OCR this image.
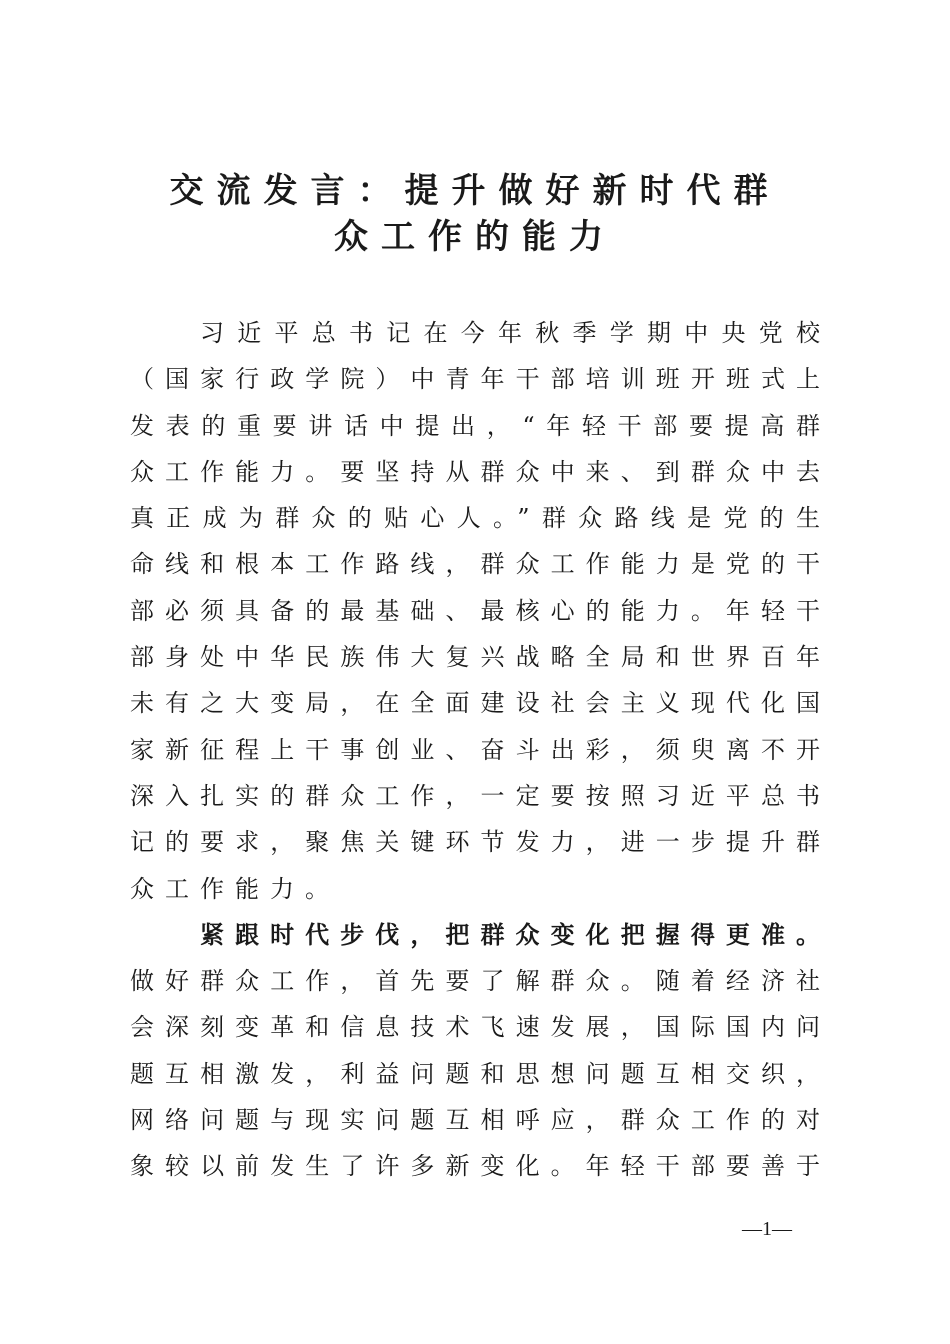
交流发言：提升做好新时代群
众工作的能力
习近平总书记在今年秋季学期中央党校
（国家行政学院）中青年干部培训班开班式上
发表的重要讲话中提出，“年轻干部要提高群
众工作能力。要坚持从群众中来、到群众中去
真正成为群众的贴心人。”群众路线是党的生
命线和根本工作路线，群众工作能力是党的干
部必须具备的最基础、最核心的能力。年轻干
部身处中华民族伟大复兴战略全局和世界百年
未有之大变局，在全面建设社会主义现代化国
家新征程上干事创业、奋斗出彩，须臾离不开
深入扎实的群众工作，一定要按照习近平总书
记的要求，聚焦关键环节发力，进一步提升群
众工作能力。
紧跟时代步伐，把群众变化把握得更准。
做好群众工作，首先要了解群众。随着经济社
会深刻变革和信息技术飞速发展，国际国内问
题互相激发，利益问题和思想问题互相交织，
网络问题与现实问题互相呼应，群众工作的对
象较以前发生了许多新变化。年轻干部要善于
—1—
